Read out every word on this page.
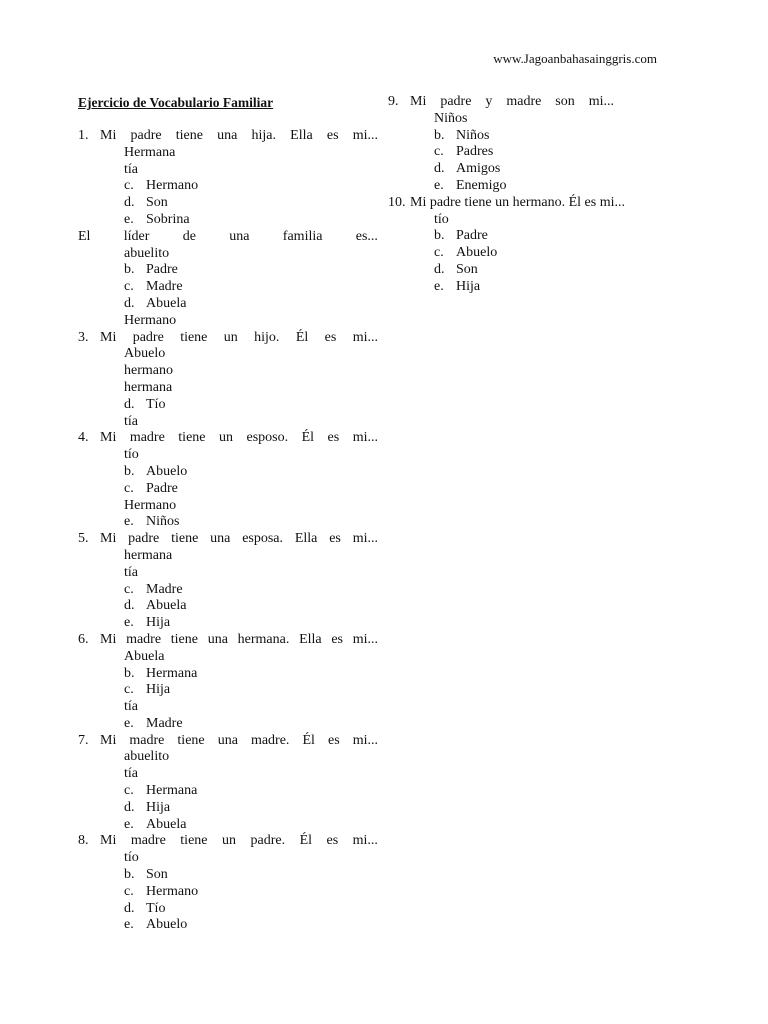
www.Jagoanbahasainggris.com
Ejercicio de Vocabulario Familiar
1. Mi padre tiene una hija. Ella es mi...
Hermana
tía
c. Hermano
d. Son
e. Sobrina
El líder de una familia es...
abuelito
b. Padre
c. Madre
d. Abuela
Hermano
3. Mi padre tiene un hijo. Él es mi...
Abuelo
hermano
hermana
d. Tío
tía
4. Mi madre tiene un esposo. Él es mi...
tío
b. Abuelo
c. Padre
Hermano
e. Niños
5. Mi padre tiene una esposa. Ella es mi...
hermana
tía
c. Madre
d. Abuela
e. Hija
6. Mi madre tiene una hermana. Ella es mi...
Abuela
b. Hermana
c. Hija
tía
e. Madre
7. Mi madre tiene una madre. Él es mi...
abuelito
tía
c. Hermana
d. Hija
e. Abuela
8. Mi madre tiene un padre. Él es mi...
tío
b. Son
c. Hermano
d. Tío
e. Abuelo
9. Mi padre y madre son mi...
Niños
b. Niños
c. Padres
d. Amigos
e. Enemigo
10. Mi padre tiene un hermano. Él es mi...
tío
b. Padre
c. Abuelo
d. Son
e. Hija
